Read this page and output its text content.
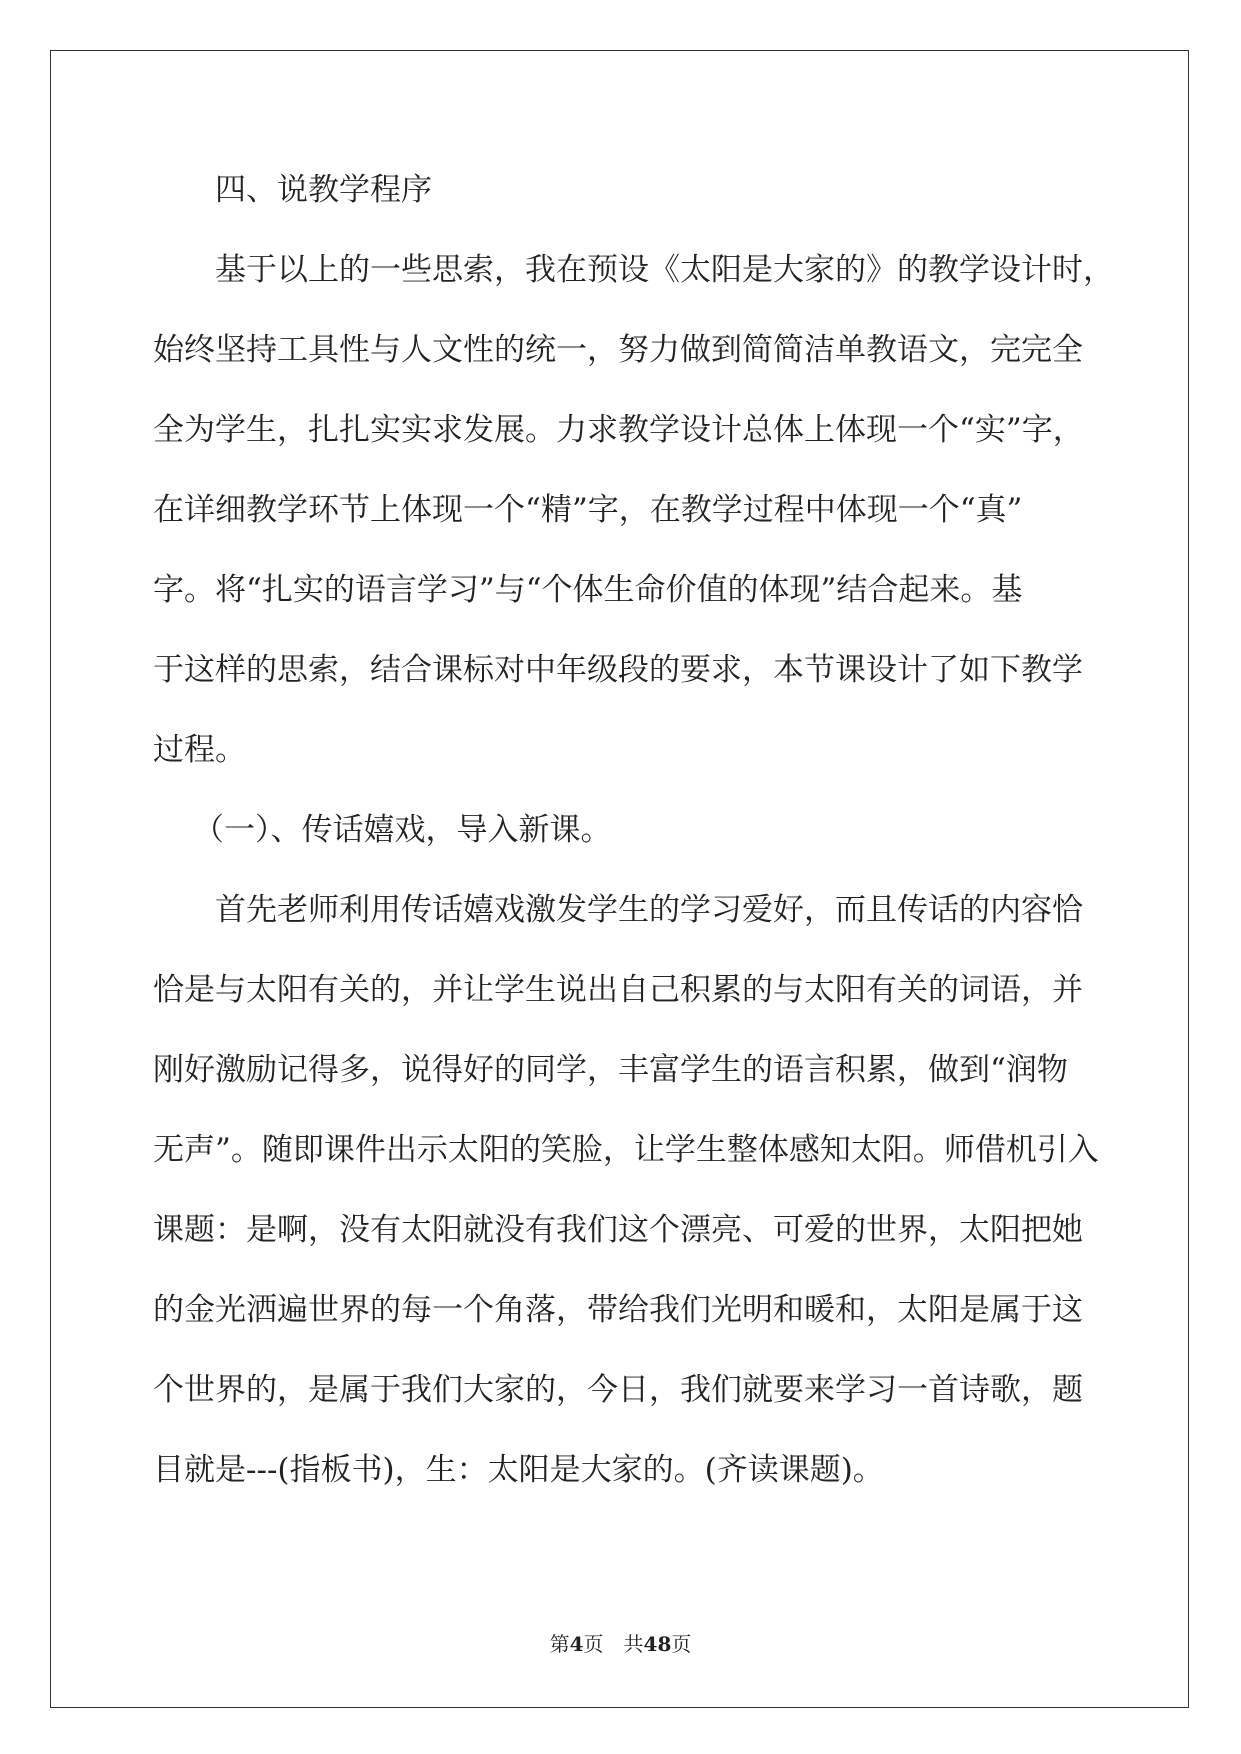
四、说教学程序
基于以上的一些思索，我在预设《太阳是大家的》的教学设计时，
始终坚持工具性与人文性的统一，努力做到简简洁单教语文，完完全
全为学生，扎扎实实求发展。力求教学设计总体上体现一个“实”字，
在详细教学环节上体现一个“精”字，在教学过程中体现一个“真”
字。将“扎实的语言学习”与“个体生命价值的体现”结合起来。基
于这样的思索，结合课标对中年级段的要求，本节课设计了如下教学
过程。
（一）、传话嬉戏，导入新课。
首先老师利用传话嬉戏激发学生的学习爱好，而且传话的内容恰
恰是与太阳有关的，并让学生说出自己积累的与太阳有关的词语，并
刚好激励记得多，说得好的同学，丰富学生的语言积累，做到“润物
无声”。随即课件出示太阳的笑脸，让学生整体感知太阳。师借机引入
课题：是啊，没有太阳就没有我们这个漂亮、可爱的世界，太阳把她
的金光洒遍世界的每一个角落，带给我们光明和暖和，太阳是属于这
个世界的，是属于我们大家的，今日，我们就要来学习一首诗歌，题
目就是---(指板书)，生：太阳是大家的。(齐读课题)。
第4页 共48页
